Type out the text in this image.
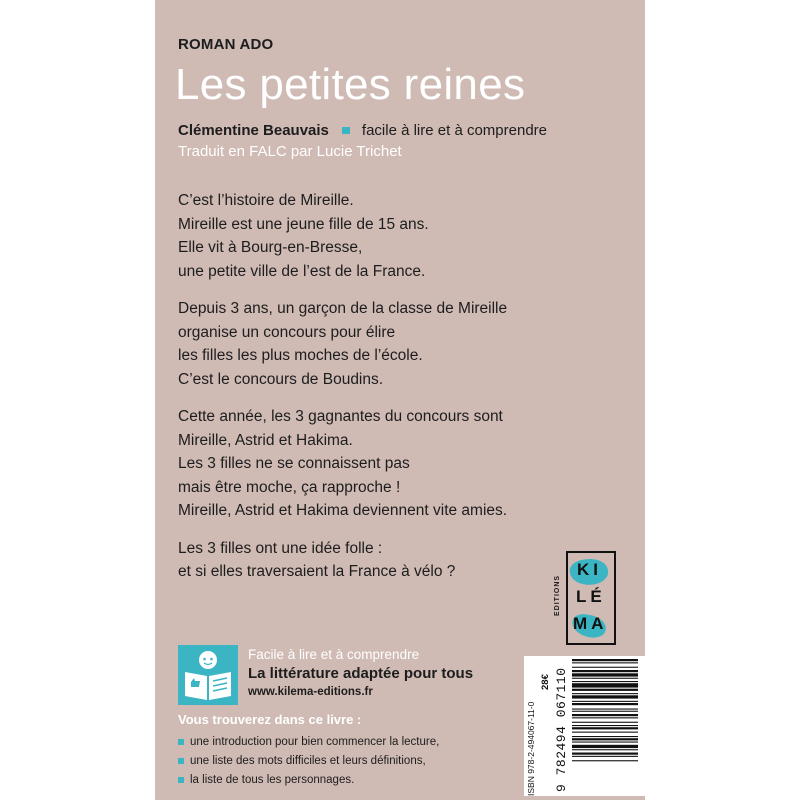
ROMAN ADO
Les petites reines
Clémentine Beauvais facile à lire et à comprendre
Traduit en FALC par Lucie Trichet
C’est l’histoire de Mireille.
Mireille est une jeune fille de 15 ans.
Elle vit à Bourg-en-Bresse,
une petite ville de l’est de la France.
Depuis 3 ans, un garçon de la classe de Mireille
organise un concours pour élire
les filles les plus moches de l’école.
C’est le concours de Boudins.
Cette année, les 3 gagnantes du concours sont
Mireille, Astrid et Hakima.
Les 3 filles ne se connaissent pas
mais être moche, ça rapproche !
Mireille, Astrid et Hakima deviennent vite amies.
Les 3 filles ont une idée folle :
et si elles traversaient la France à vélo ?
EDITIONS
KI
LÉ
MA
Facile à lire et à comprendre
La littérature adaptée pour tous
www.kilema-editions.fr
Vous trouverez dans ce livre :
une introduction pour bien commencer la lecture,
une liste des mots difficiles et leurs définitions,
la liste de tous les personnages.	ISBN 978-2-494067-11-0
28€ 9 782494 067110
